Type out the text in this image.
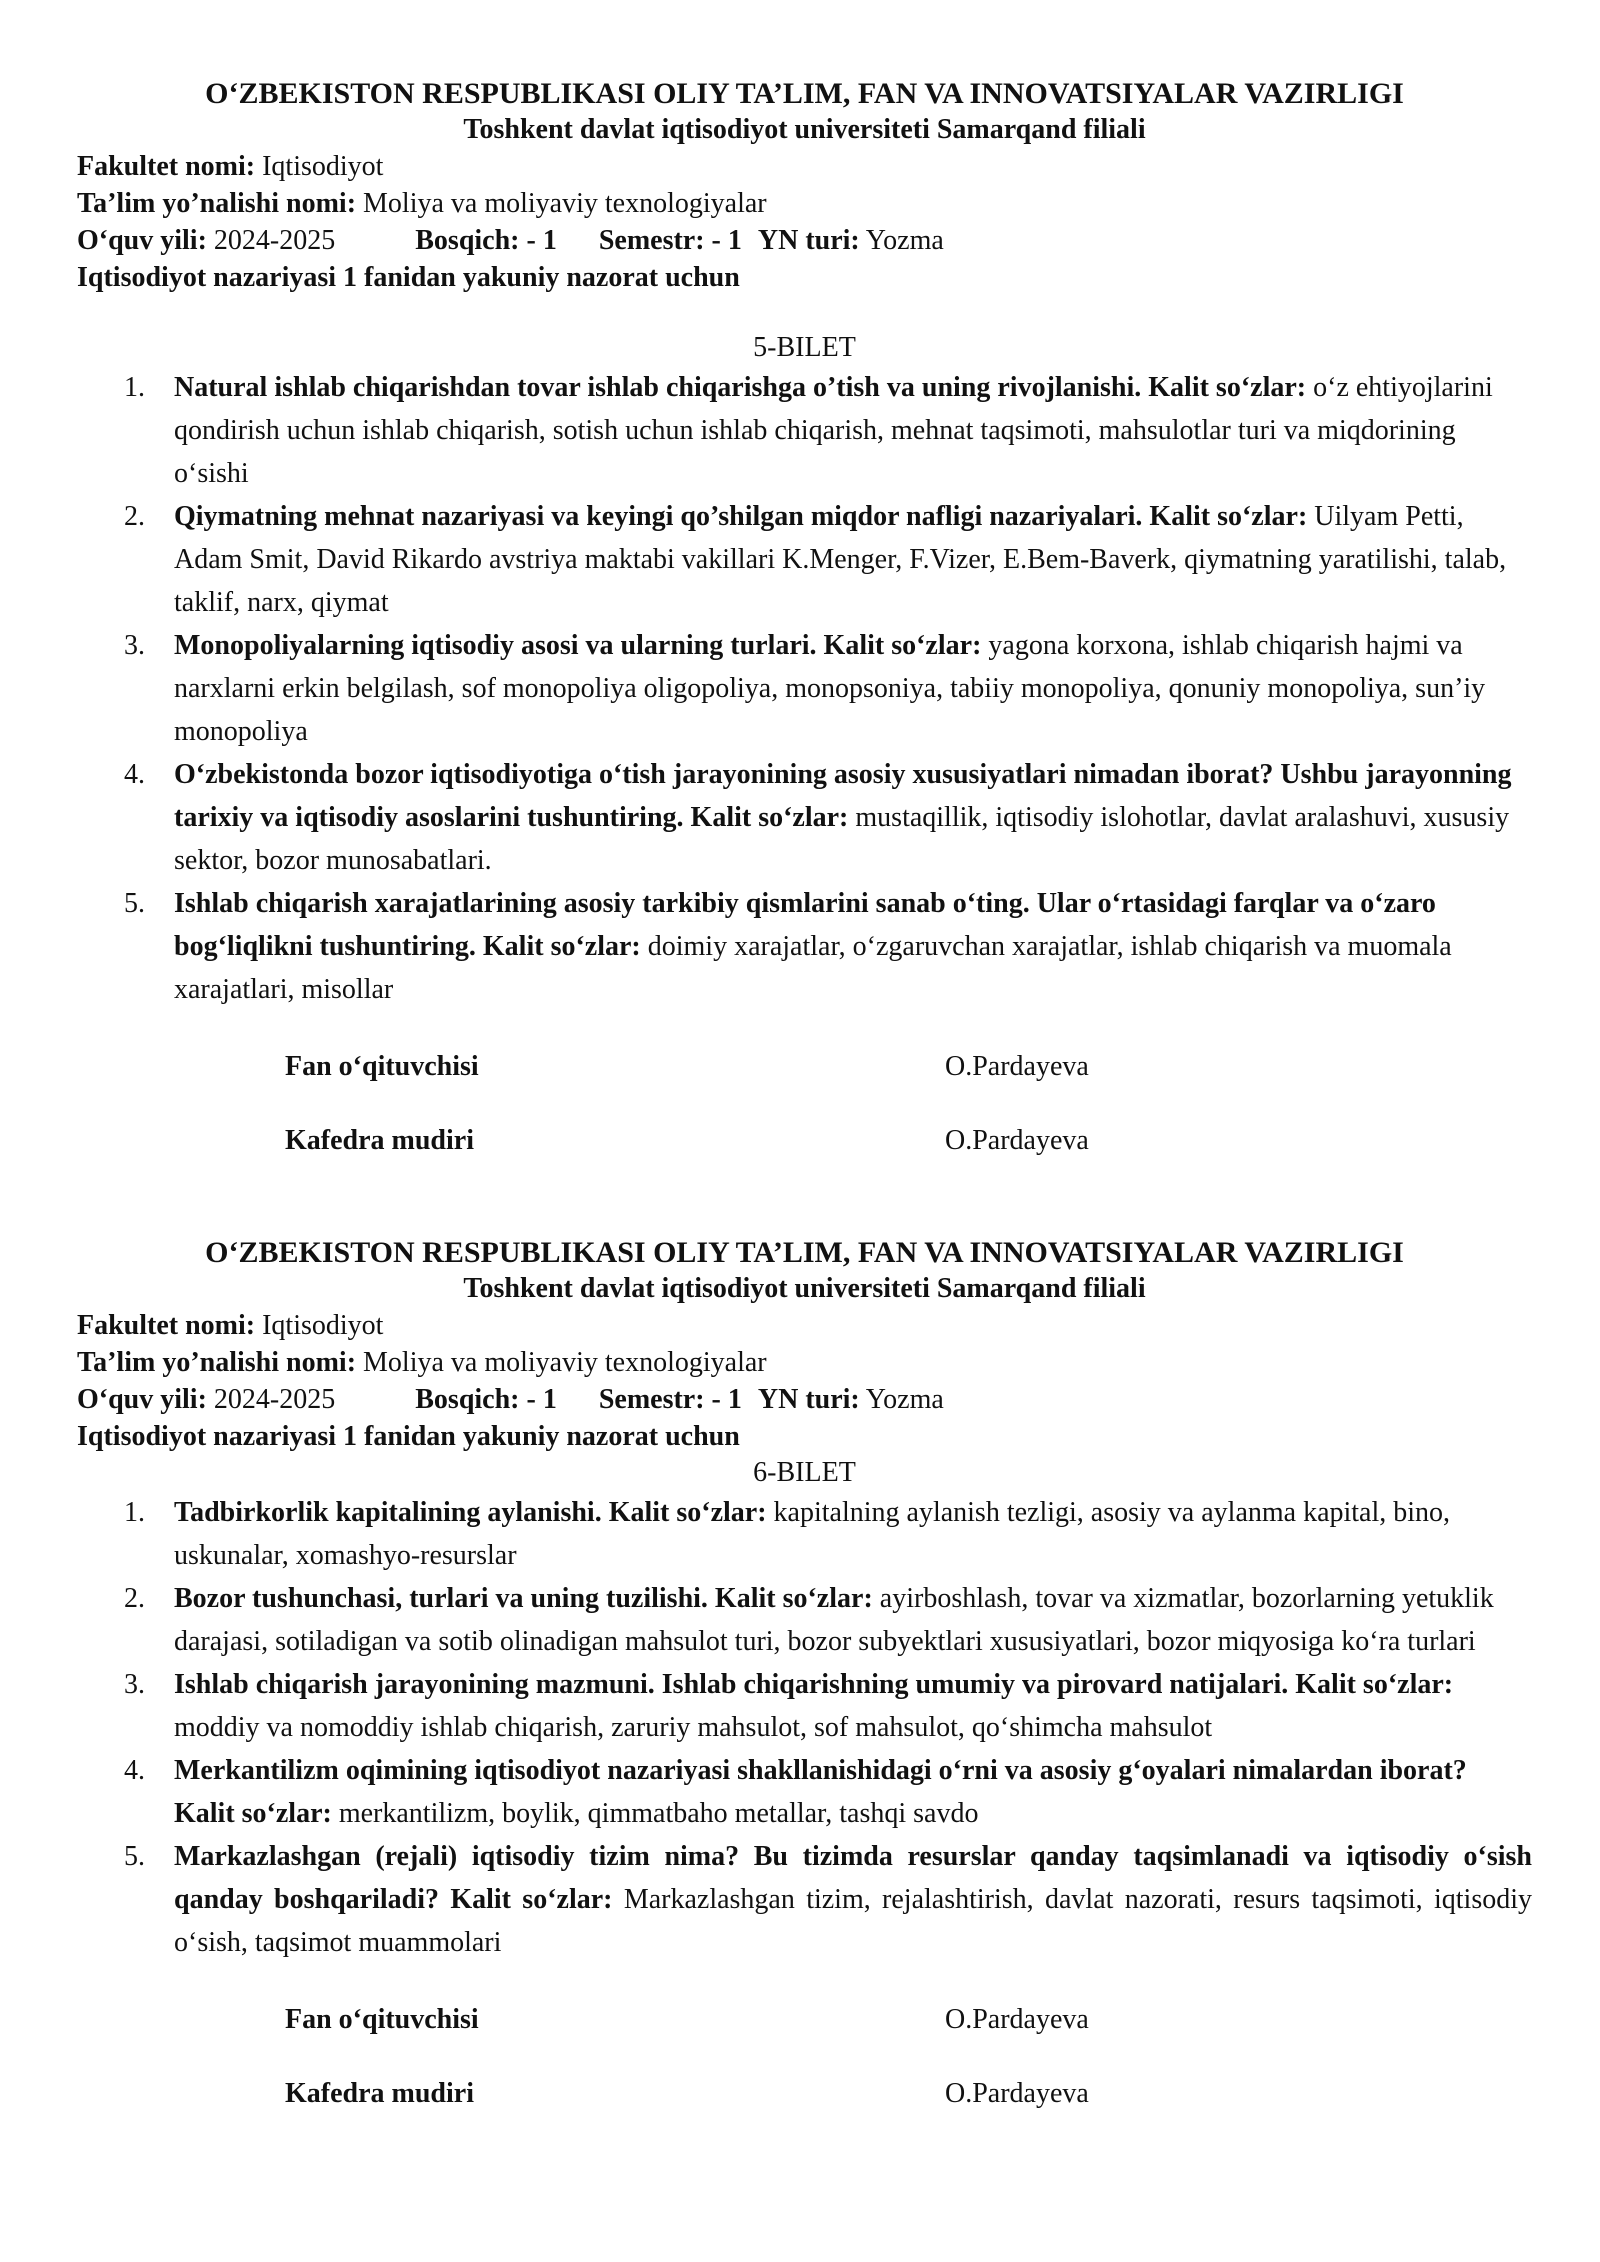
O‘ZBEKISTON RESPUBLIKASI OLIY TA’LIM, FAN VA INNOVATSIYALAR VAZIRLIGI
Toshkent davlat iqtisodiyot universiteti Samarqand filiali
Fakultet nomi: Iqtisodiyot
Ta’lim yo’nalishi nomi: Moliya va moliyaviy texnologiyalar
O‘quv yili: 2024-2025	Bosqich: - 1 Semestr: - 1 YN turi: Yozma
Iqtisodiyot nazariyasi 1 fanidan yakuniy nazorat uchun
5-BILET
1. Natural ishlab chiqarishdan tovar ishlab chiqarishga o’tish va uning rivojlanishi. Kalit so‘zlar: o‘z ehtiyojlarini qondirish uchun ishlab chiqarish, sotish uchun ishlab chiqarish, mehnat taqsimoti, mahsulotlar turi va miqdorining o‘sishi
2. Qiymatning mehnat nazariyasi va keyingi qo’shilgan miqdor nafligi nazariyalari. Kalit so‘zlar: Uilyam Petti, Adam Smit, David Rikardo avstriya maktabi vakillari K.Menger, F.Vizer, E.Bem-Baverk, qiymatning yaratilishi, talab, taklif, narx, qiymat
3. Monopoliyalarning iqtisodiy asosi va ularning turlari. Kalit so‘zlar: yagona korxona, ishlab chiqarish hajmi va narxlarni erkin belgilash, sof monopoliya oligopoliya, monopsoniya, tabiiy monopoliya, qonuniy monopoliya, sun’iy monopoliya
4. O‘zbekistonda bozor iqtisodiyotiga o‘tish jarayonining asosiy xususiyatlari nimadan iborat? Ushbu jarayonning tarixiy va iqtisodiy asoslarini tushuntiring. Kalit so‘zlar: mustaqillik, iqtisodiy islohotlar, davlat aralashuvi, xususiy sektor, bozor munosabatlari.
5. Ishlab chiqarish xarajatlarining asosiy tarkibiy qismlarini sanab o‘ting. Ular o‘rtasidagi farqlar va o‘zaro bog‘liqlikni tushuntiring. Kalit so‘zlar: doimiy xarajatlar, o‘zgaruvchan xarajatlar, ishlab chiqarish va muomala xarajatlari, misollar
Fan o‘qituvchisi	O.Pardayeva
Kafedra mudiri	O.Pardayeva
O‘ZBEKISTON RESPUBLIKASI OLIY TA’LIM, FAN VA INNOVATSIYALAR VAZIRLIGI
Toshkent davlat iqtisodiyot universiteti Samarqand filiali
Fakultet nomi: Iqtisodiyot
Ta’lim yo’nalishi nomi: Moliya va moliyaviy texnologiyalar
O‘quv yili: 2024-2025	Bosqich: - 1 Semestr: - 1 YN turi: Yozma
Iqtisodiyot nazariyasi 1 fanidan yakuniy nazorat uchun
6-BILET
1. Tadbirkorlik kapitalining aylanishi. Kalit so‘zlar: kapitalning aylanish tezligi, asosiy va aylanma kapital, bino, uskunalar, xomashyo-resurslar
2. Bozor tushunchasi, turlari va uning tuzilishi. Kalit so‘zlar: ayirboshlash, tovar va xizmatlar, bozorlarning yetuklik darajasi, sotiladigan va sotib olinadigan mahsulot turi, bozor subyektlari xususiyatlari, bozor miqyosiga ko‘ra turlari
3. Ishlab chiqarish jarayonining mazmuni. Ishlab chiqarishning umumiy va pirovard natijalari. Kalit so‘zlar: moddiy va nomoddiy ishlab chiqarish, zaruriy mahsulot, sof mahsulot, qo‘shimcha mahsulot
4. Merkantilizm oqimining iqtisodiyot nazariyasi shakllanishidagi o‘rni va asosiy g‘oyalari nimalardan iborat? Kalit so‘zlar: merkantilizm, boylik, qimmatbaho metallar, tashqi savdo
5. Markazlashgan (rejali) iqtisodiy tizim nima? Bu tizimda resurslar qanday taqsimlanadi va iqtisodiy o‘sish qanday boshqariladi? Kalit so‘zlar: Markazlashgan tizim, rejalashtirish, davlat nazorati, resurs taqsimoti, iqtisodiy o‘sish, taqsimot muammolari
Fan o‘qituvchisi	O.Pardayeva
Kafedra mudiri	O.Pardayeva
